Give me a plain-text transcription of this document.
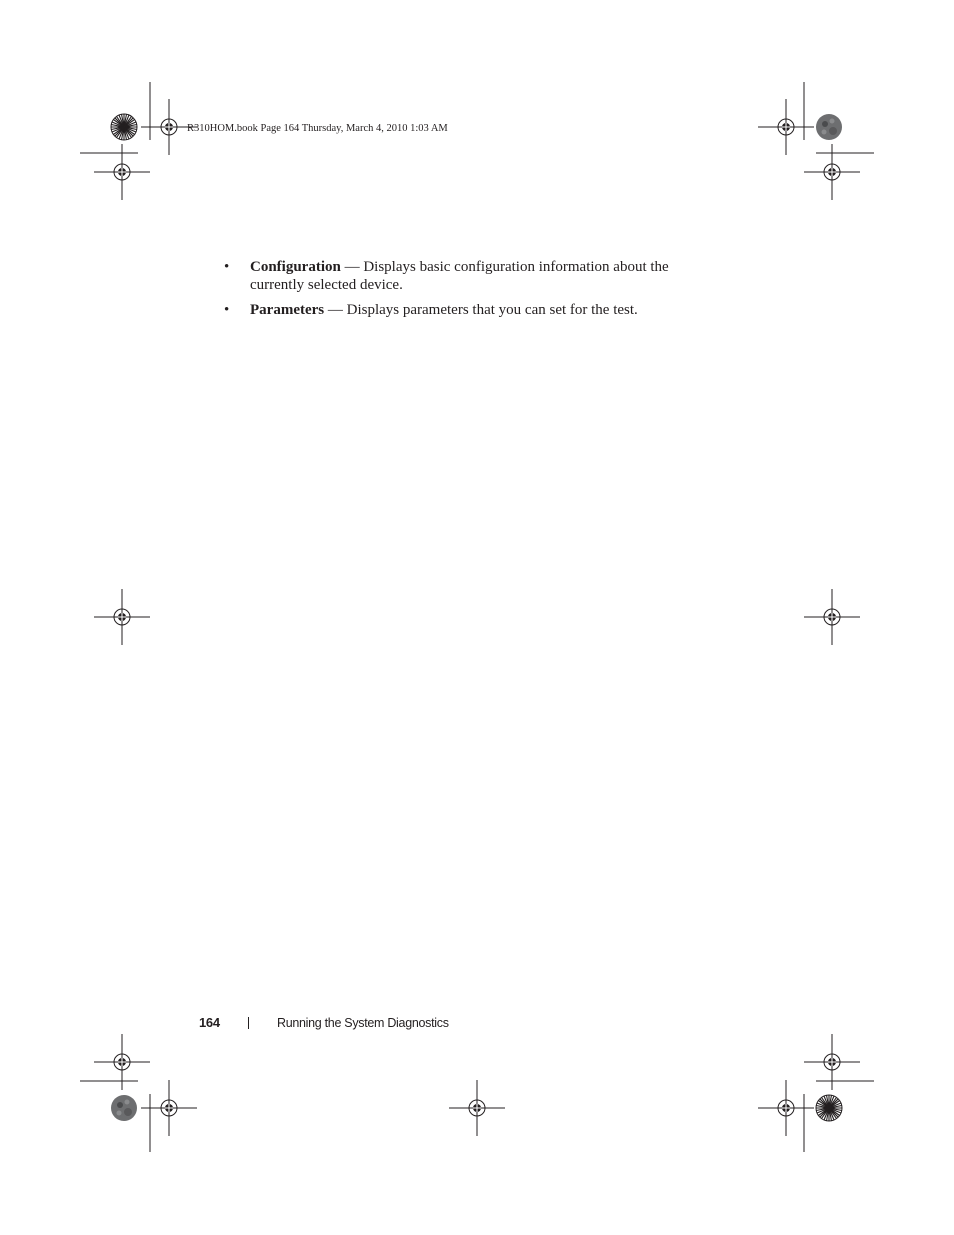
R310HOM.book Page 164 Thursday, March 4, 2010 1:03 AM
• Configuration — Displays basic configuration information about the currently selected device.
• Parameters — Displays parameters that you can set for the test.
164	Running the System Diagnostics
